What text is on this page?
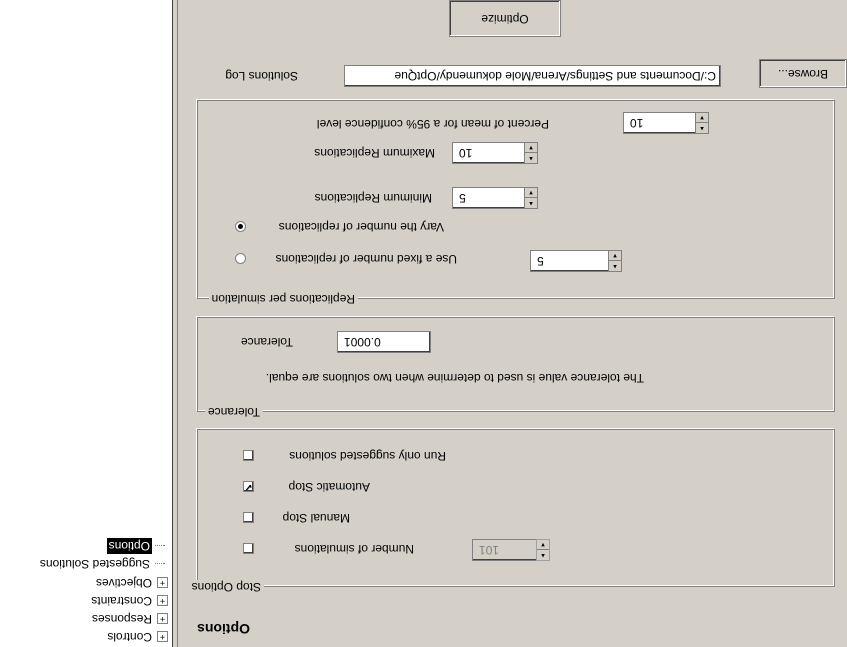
+Controls
+Responses
+Constraints
+Objectives
Suggested Solutions
Options
Options
Stop Options
101	▲
▼
Number of simulations
Manual Stop
✔	Automatic Stop
Run only suggested solutions
Tolerance
The tolerance value is used to determine when two solutions are equal.
0.0001
Tolerance
Replications per simulation
5	▲
▼
Use a fixed number of replications
Vary the number of replications
5	▲
▼
Minimum Replications
10	▲
▼
Maximum Replications
10	▲
▼
Percent of mean for a 95% confidence level
Browse...
C:/Documents and Settings/Arena/Mole dokumendy/OptQue
Solutions Log
Optimize
